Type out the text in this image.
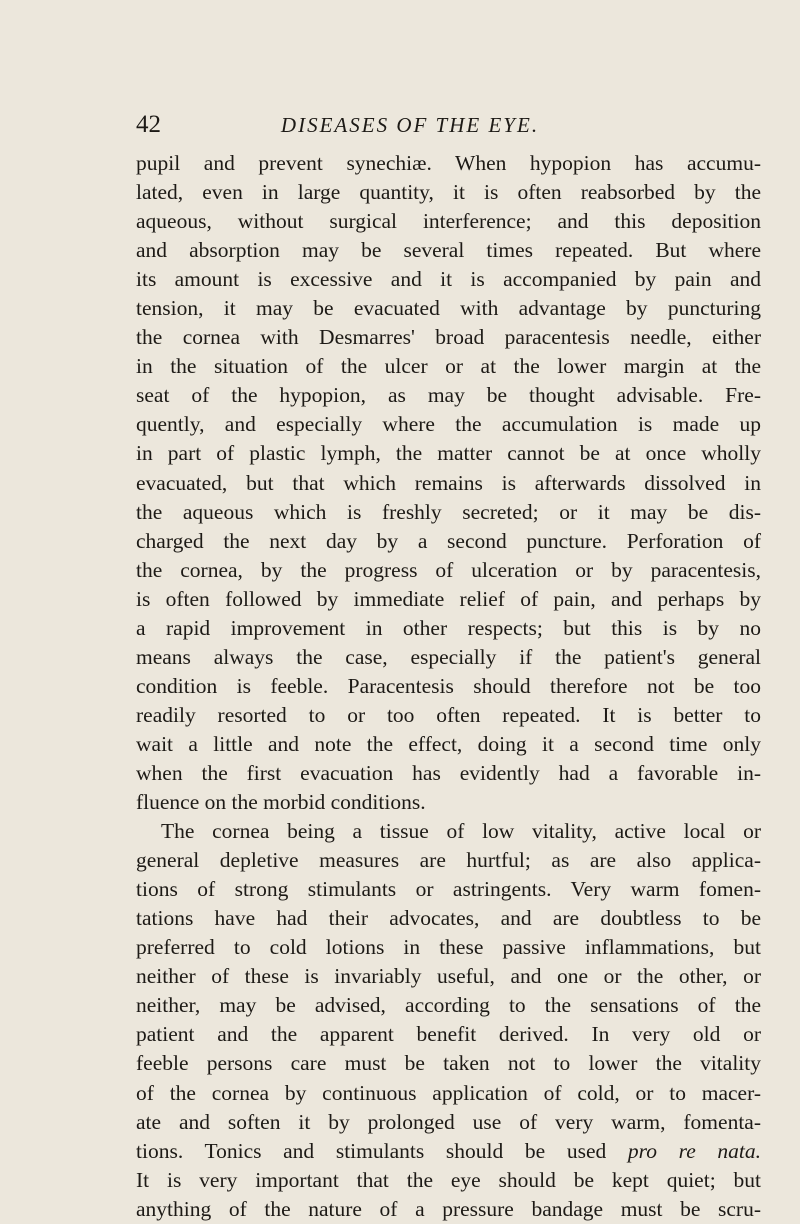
42	DISEASES OF THE EYE.
pupil and prevent synechiæ. When hypopion has accumu-
lated, even in large quantity, it is often reabsorbed by the
aqueous, without surgical interference; and this deposition
and absorption may be several times repeated. But where
its amount is excessive and it is accompanied by pain and
tension, it may be evacuated with advantage by puncturing
the cornea with Desmarres' broad paracentesis needle, either
in the situation of the ulcer or at the lower margin at the
seat of the hypopion, as may be thought advisable. Fre-
quently, and especially where the accumulation is made up
in part of plastic lymph, the matter cannot be at once wholly
evacuated, but that which remains is afterwards dissolved in
the aqueous which is freshly secreted; or it may be dis-
charged the next day by a second puncture. Perforation of
the cornea, by the progress of ulceration or by paracentesis,
is often followed by immediate relief of pain, and perhaps by
a rapid improvement in other respects; but this is by no
means always the case, especially if the patient's general
condition is feeble. Paracentesis should therefore not be too
readily resorted to or too often repeated. It is better to
wait a little and note the effect, doing it a second time only
when the first evacuation has evidently had a favorable in-
fluence on the morbid conditions.
The cornea being a tissue of low vitality, active local or
general depletive measures are hurtful; as are also applica-
tions of strong stimulants or astringents. Very warm fomen-
tations have had their advocates, and are doubtless to be
preferred to cold lotions in these passive inflammations, but
neither of these is invariably useful, and one or the other, or
neither, may be advised, according to the sensations of the
patient and the apparent benefit derived. In very old or
feeble persons care must be taken not to lower the vitality
of the cornea by continuous application of cold, or to macer-
ate and soften it by prolonged use of very warm, fomenta-
tions. Tonics and stimulants should be used pro re nata.
It is very important that the eye should be kept quiet; but
anything of the nature of a pressure bandage must be scru-
